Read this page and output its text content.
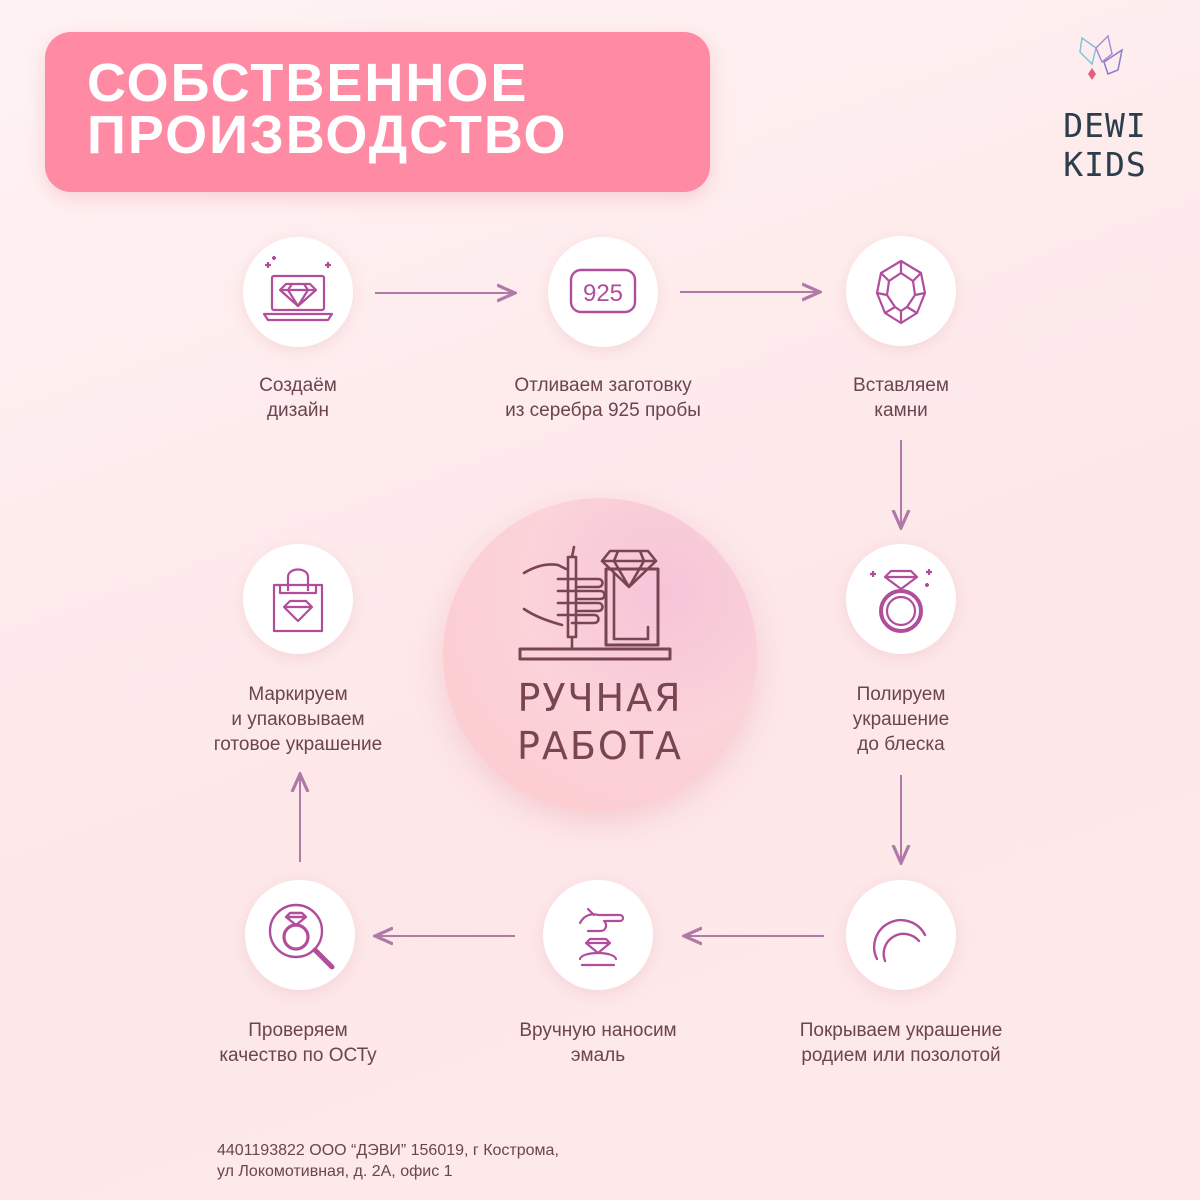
СОБСТВЕННОЕ
ПРОИЗВОДСТВО	DEWI KIDS
Создаём
дизайн
925
Отливаем заготовку
из серебра 925 пробы
Вставляем
камни
Полируем
украшение
до блеска
Покрываем украшение
родием или позолотой
Вручную наносим
эмаль
Проверяем
качество по ОСТу
Маркируем
и упаковываем
готовое украшение
РУЧНАЯ
РАБОТА
4401193822 ООО “ДЭВИ” 156019, г Кострома,
ул Локомотивная, д. 2А, офис 1
